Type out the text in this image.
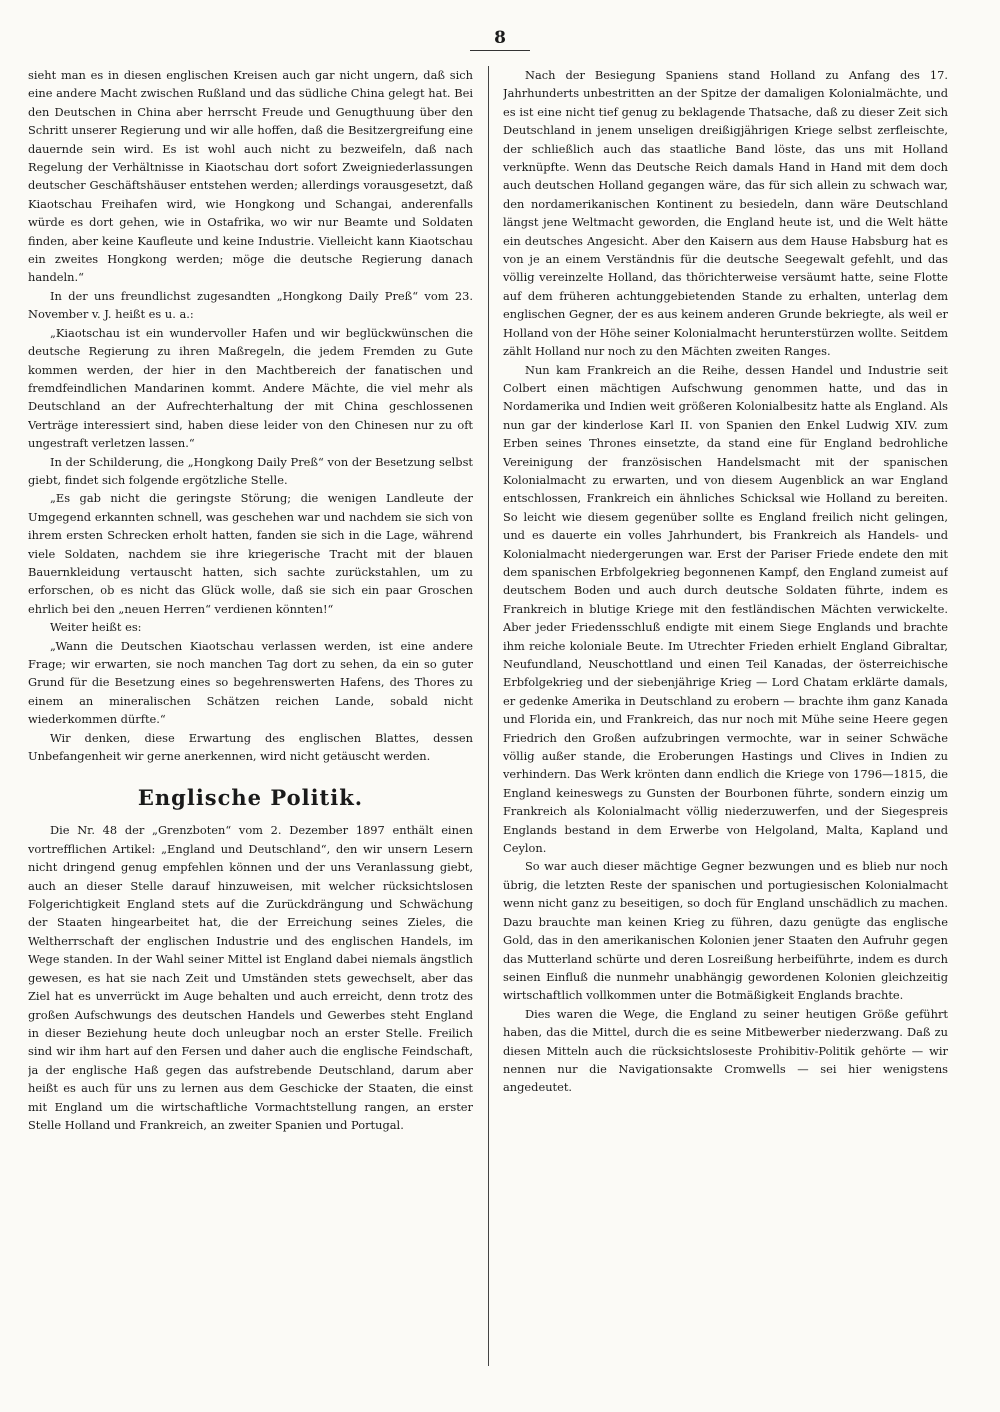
8

sieht man es in diesen englischen Kreisen auch gar nicht ungern, daß sich eine andere Macht zwischen Rußland und das südliche China gelegt hat. Bei den Deutschen in China aber herrscht Freude und Genugthuung über den Schritt unserer Regierung und wir alle hoffen, daß die Besitzergreifung eine dauernde sein wird. Es ist wohl auch nicht zu bezweifeln, daß nach Regelung der Verhältnisse in Kiaotschau dort sofort Zweigniederlassungen deutscher Geschäftshäuser entstehen werden; allerdings vorausgesetzt, daß Kiaotschau Freihafen wird, wie Hongkong und Schangai, anderenfalls würde es dort gehen, wie in Ostafrika, wo wir nur Beamte und Soldaten finden, aber keine Kaufleute und keine Industrie. Vielleicht kann Kiaotschau ein zweites Hongkong werden; möge die deutsche Regierung danach handeln.“

In der uns freundlichst zugesandten „Hongkong Daily Preß“ vom 23. November v. J. heißt es u. a.:

„Kiaotschau ist ein wundervoller Hafen und wir beglückwünschen die deutsche Regierung zu ihren Maßregeln, die jedem Fremden zu Gute kommen werden, der hier in den Machtbereich der fanatischen und fremdfeindlichen Mandarinen kommt. Andere Mächte, die viel mehr als Deutschland an der Aufrechterhaltung der mit China geschlossenen Verträge interessiert sind, haben diese leider von den Chinesen nur zu oft ungestraft verletzen lassen.“

In der Schilderung, die „Hongkong Daily Preß“ von der Besetzung selbst giebt, findet sich folgende ergötzliche Stelle.

„Es gab nicht die geringste Störung; die wenigen Landleute der Umgegend erkannten schnell, was geschehen war und nachdem sie sich von ihrem ersten Schrecken erholt hatten, fanden sie sich in die Lage, während viele Soldaten, nachdem sie ihre kriegerische Tracht mit der blauen Bauernkleidung vertauscht hatten, sich sachte zurückstahlen, um zu erforschen, ob es nicht das Glück wolle, daß sie sich ein paar Groschen ehrlich bei den „neuen Herren“ verdienen könnten!“

Weiter heißt es:

„Wann die Deutschen Kiaotschau verlassen werden, ist eine andere Frage; wir erwarten, sie noch manchen Tag dort zu sehen, da ein so guter Grund für die Besetzung eines so begehrenswerten Hafens, des Thores zu einem an mineralischen Schätzen reichen Lande, sobald nicht wiederkommen dürfte.“

Wir denken, diese Erwartung des englischen Blattes, dessen Unbefangenheit wir gerne anerkennen, wird nicht getäuscht werden.

Englische Politik.

Die Nr. 48 der „Grenzboten“ vom 2. Dezember 1897 enthält einen vortrefflichen Artikel: „England und Deutschland“, den wir unsern Lesern nicht dringend genug empfehlen können und der uns Veranlassung giebt, auch an dieser Stelle darauf hinzuweisen, mit welcher rücksichtslosen Folgerichtigkeit England stets auf die Zurückdrängung und Schwächung der Staaten hingearbeitet hat, die der Erreichung seines Zieles, die Weltherrschaft der englischen Industrie und des englischen Handels, im Wege standen. In der Wahl seiner Mittel ist England dabei niemals ängstlich gewesen, es hat sie nach Zeit und Umständen stets gewechselt, aber das Ziel hat es unverrückt im Auge behalten und auch erreicht, denn trotz des großen Aufschwungs des deutschen Handels und Gewerbes steht England in dieser Beziehung heute doch unleugbar noch an erster Stelle. Freilich sind wir ihm hart auf den Fersen und daher auch die englische Feindschaft, ja der englische Haß gegen das aufstrebende Deutschland, darum aber heißt es auch für uns zu lernen aus dem Geschicke der Staaten, die einst mit England um die wirtschaftliche Vormachtstellung rangen, an erster Stelle Holland und Frankreich, an zweiter Spanien und Portugal.

Nach der Besiegung Spaniens stand Holland zu Anfang des 17. Jahrhunderts unbestritten an der Spitze der damaligen Kolonialmächte, und es ist eine nicht tief genug zu beklagende Thatsache, daß zu dieser Zeit sich Deutschland in jenem unseligen dreißigjährigen Kriege selbst zerfleischte, der schließlich auch das staatliche Band löste, das uns mit Holland verknüpfte. Wenn das Deutsche Reich damals Hand in Hand mit dem doch auch deutschen Holland gegangen wäre, das für sich allein zu schwach war, den nordamerikanischen Kontinent zu besiedeln, dann wäre Deutschland längst jene Weltmacht geworden, die England heute ist, und die Welt hätte ein deutsches Angesicht. Aber den Kaisern aus dem Hause Habsburg hat es von je an einem Verständnis für die deutsche Seegewalt gefehlt, und das völlig vereinzelte Holland, das thörichterweise versäumt hatte, seine Flotte auf dem früheren achtunggebietenden Stande zu erhalten, unterlag dem englischen Gegner, der es aus keinem anderen Grunde bekriegte, als weil er Holland von der Höhe seiner Kolonialmacht herunterstürzen wollte. Seitdem zählt Holland nur noch zu den Mächten zweiten Ranges.

Nun kam Frankreich an die Reihe, dessen Handel und Industrie seit Colbert einen mächtigen Aufschwung genommen hatte, und das in Nordamerika und Indien weit größeren Kolonialbesitz hatte als England. Als nun gar der kinderlose Karl II. von Spanien den Enkel Ludwig XIV. zum Erben seines Thrones einsetzte, da stand eine für England bedrohliche Vereinigung der französischen Handelsmacht mit der spanischen Kolonialmacht zu erwarten, und von diesem Augenblick an war England entschlossen, Frankreich ein ähnliches Schicksal wie Holland zu bereiten. So leicht wie diesem gegenüber sollte es England freilich nicht gelingen, und es dauerte ein volles Jahrhundert, bis Frankreich als Handels- und Kolonialmacht niedergerungen war. Erst der Pariser Friede endete den mit dem spanischen Erbfolgekrieg begonnenen Kampf, den England zumeist auf deutschem Boden und auch durch deutsche Soldaten führte, indem es Frankreich in blutige Kriege mit den festländischen Mächten verwickelte. Aber jeder Friedensschluß endigte mit einem Siege Englands und brachte ihm reiche koloniale Beute. Im Utrechter Frieden erhielt England Gibraltar, Neufundland, Neuschottland und einen Teil Kanadas, der österreichische Erbfolgekrieg und der siebenjährige Krieg — Lord Chatam erklärte damals, er gedenke Amerika in Deutschland zu erobern — brachte ihm ganz Kanada und Florida ein, und Frankreich, das nur noch mit Mühe seine Heere gegen Friedrich den Großen aufzubringen vermochte, war in seiner Schwäche völlig außer stande, die Eroberungen Hastings und Clives in Indien zu verhindern. Das Werk krönten dann endlich die Kriege von 1796—1815, die England keineswegs zu Gunsten der Bourbonen führte, sondern einzig um Frankreich als Kolonialmacht völlig niederzuwerfen, und der Siegespreis Englands bestand in dem Erwerbe von Helgoland, Malta, Kapland und Ceylon.

So war auch dieser mächtige Gegner bezwungen und es blieb nur noch übrig, die letzten Reste der spanischen und portugiesischen Kolonialmacht wenn nicht ganz zu beseitigen, so doch für England unschädlich zu machen. Dazu brauchte man keinen Krieg zu führen, dazu genügte das englische Gold, das in den amerikanischen Kolonien jener Staaten den Aufruhr gegen das Mutterland schürte und deren Losreißung herbeiführte, indem es durch seinen Einfluß die nunmehr unabhängig gewordenen Kolonien gleichzeitig wirtschaftlich vollkommen unter die Botmäßigkeit Englands brachte.

Dies waren die Wege, die England zu seiner heutigen Größe geführt haben, das die Mittel, durch die es seine Mitbewerber niederzwang. Daß zu diesen Mitteln auch die rücksichtsloseste Prohibitiv-Politik gehörte — wir nennen nur die Navigationsakte Cromwells — sei hier wenigstens angedeutet.
